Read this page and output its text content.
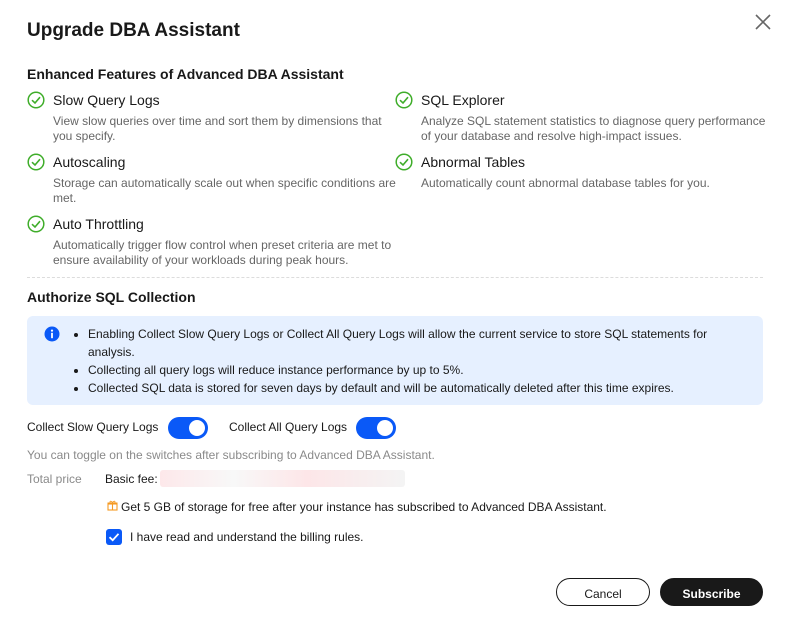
Upgrade DBA Assistant
Enhanced Features of Advanced DBA Assistant
Slow Query Logs
View slow queries over time and sort them by dimensions that you specify.
SQL Explorer
Analyze SQL statement statistics to diagnose query performance of your database and resolve high-impact issues.
Autoscaling
Storage can automatically scale out when specific conditions are met.
Abnormal Tables
Automatically count abnormal database tables for you.
Auto Throttling
Automatically trigger flow control when preset criteria are met to ensure availability of your workloads during peak hours.
Authorize SQL Collection
• Enabling Collect Slow Query Logs or Collect All Query Logs will allow the current service to store SQL statements for analysis.
• Collecting all query logs will reduce instance performance by up to 5%.
• Collected SQL data is stored for seven days by default and will be automatically deleted after this time expires.
Collect Slow Query Logs	Collect All Query Logs
You can toggle on the switches after subscribing to Advanced DBA Assistant.
Total price Basic fee:
Get 5 GB of storage for free after your instance has subscribed to Advanced DBA Assistant.
I have read and understand the billing rules.
Cancel	Subscribe
